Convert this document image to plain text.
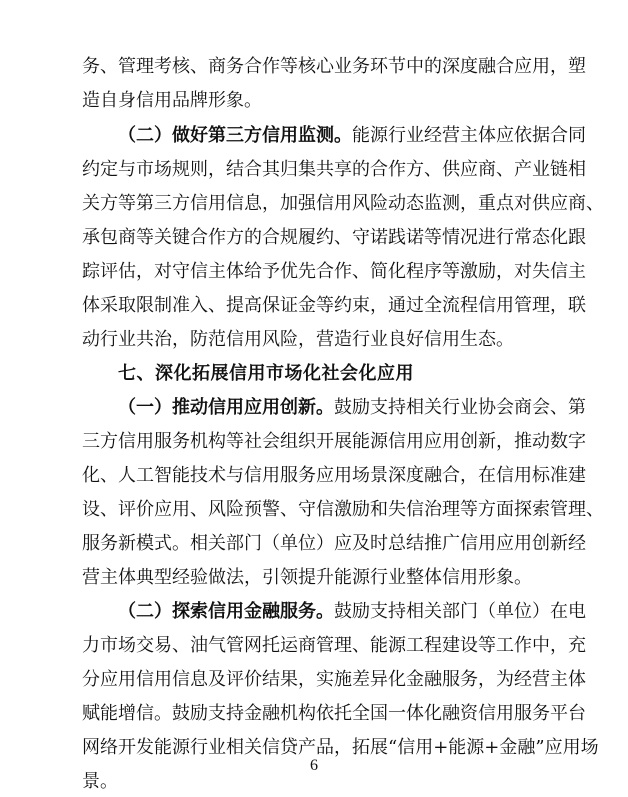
务、管理考核、商务合作等核心业务环节中的深度融合应用，塑
造自身信用品牌形象。
（二）做好第三方信用监测。能源行业经营主体应依据合同
约定与市场规则，结合其归集共享的合作方、供应商、产业链相
关方等第三方信用信息，加强信用风险动态监测，重点对供应商、
承包商等关键合作方的合规履约、守诺践诺等情况进行常态化跟
踪评估，对守信主体给予优先合作、简化程序等激励，对失信主
体采取限制准入、提高保证金等约束，通过全流程信用管理，联
动行业共治，防范信用风险，营造行业良好信用生态。
七、深化拓展信用市场化社会化应用
（一）推动信用应用创新。鼓励支持相关行业协会商会、第
三方信用服务机构等社会组织开展能源信用应用创新，推动数字
化、人工智能技术与信用服务应用场景深度融合，在信用标准建
设、评价应用、风险预警、守信激励和失信治理等方面探索管理、
服务新模式。相关部门（单位）应及时总结推广信用应用创新经
营主体典型经验做法，引领提升能源行业整体信用形象。
（二）探索信用金融服务。鼓励支持相关部门（单位）在电
力市场交易、油气管网托运商管理、能源工程建设等工作中，充
分应用信用信息及评价结果，实施差异化金融服务，为经营主体
赋能增信。鼓励支持金融机构依托全国一体化融资信用服务平台
网络开发能源行业相关信贷产品，拓展“信用+能源+金融”应用场
景。
6
